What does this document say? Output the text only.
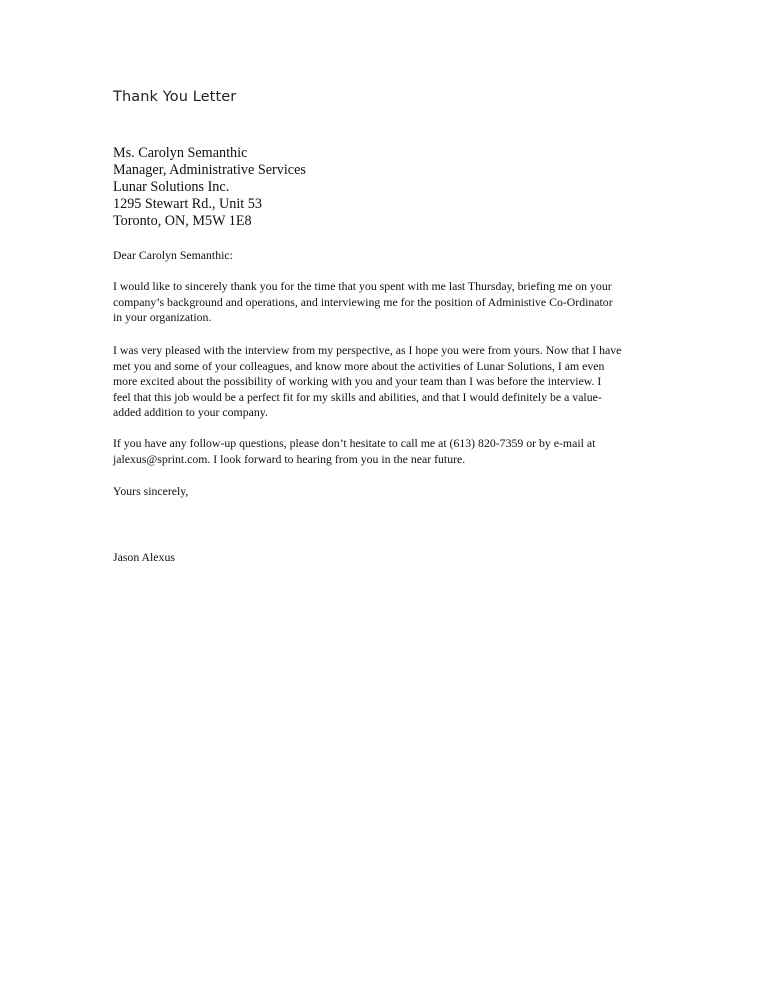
Thank You Letter
Ms. Carolyn Semanthic
Manager, Administrative Services
Lunar Solutions Inc.
1295 Stewart Rd., Unit 53
Toronto, ON, M5W 1E8
Dear Carolyn Semanthic:

I would like to sincerely thank you for the time that you spent with me last Thursday, briefing me on your

company’s background and operations, and interviewing me for the position of Administive Co-Ordinator

in your organization.

I was very pleased with the interview from my perspective, as I hope you were from yours. Now that I have

met you and some of your colleagues, and know more about the activities of Lunar Solutions, I am even

more excited about the possibility of working with you and your team than I was before the interview. I

feel that this job would be a perfect fit for my skills and abilities, and that I would definitely be a value-

added addition to your company.

If you have any follow-up questions, please don’t hesitate to call me at (613) 820-7359 or by e-mail at

jalexus@sprint.com. I look forward to hearing from you in the near future.

Yours sincerely,
Jason Alexus
